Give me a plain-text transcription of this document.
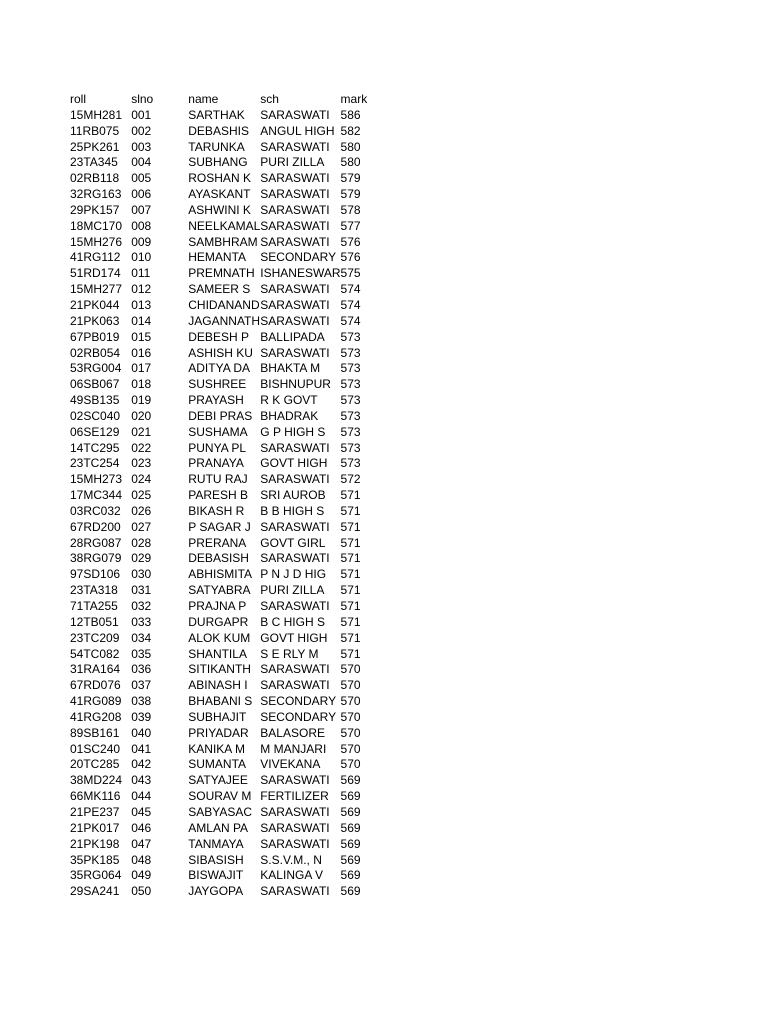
roll	slno	name	sch	mark
15MH281	001	SARTHAK	SARASWATI	586
11RB075	002	DEBASHIS	ANGUL HIGH	582
25PK261	003	TARUNKA	SARASWATI	580
23TA345	004	SUBHANG	PURI ZILLA	580
02RB118	005	ROSHAN K	SARASWATI	579
32RG163	006	AYASKANT	SARASWATI	579
29PK157	007	ASHWINI K	SARASWATI	578
18MC170	008	NEELKAMAL	SARASWATI	577
15MH276	009	SAMBHRAM	SARASWATI	576
41RG112	010	HEMANTA	SECONDARY	576
51RD174	011	PREMNATH	ISHANESWAR	575
15MH277	012	SAMEER S	SARASWATI	574
21PK044	013	CHIDANAND	SARASWATI	574
21PK063	014	JAGANNATH	SARASWATI	574
67PB019	015	DEBESH P	BALLIPADA	573
02RB054	016	ASHISH KU	SARASWATI	573
53RG004	017	ADITYA DA	BHAKTA M	573
06SB067	018	SUSHREE	BISHNUPUR	573
49SB135	019	PRAYASH	R K GOVT	573
02SC040	020	DEBI PRAS	BHADRAK	573
06SE129	021	SUSHAMA	G P HIGH S	573
14TC295	022	PUNYA PL	SARASWATI	573
23TC254	023	PRANAYA	GOVT HIGH	573
15MH273	024	RUTU RAJ	SARASWATI	572
17MC344	025	PARESH B	SRI AUROB	571
03RC032	026	BIKASH R	B B HIGH S	571
67RD200	027	P SAGAR J	SARASWATI	571
28RG087	028	PRERANA	GOVT GIRL	571
38RG079	029	DEBASISH	SARASWATI	571
97SD106	030	ABHISMITA	P N J D HIG	571
23TA318	031	SATYABRA	PURI ZILLA	571
71TA255	032	PRAJNA P	SARASWATI	571
12TB051	033	DURGAPR	B C HIGH S	571
23TC209	034	ALOK KUM	GOVT HIGH	571
54TC082	035	SHANTILA	S E RLY M	571
31RA164	036	SITIKANTH	SARASWATI	570
67RD076	037	ABINASH I	SARASWATI	570
41RG089	038	BHABANI S	SECONDARY	570
41RG208	039	SUBHAJIT	SECONDARY	570
89SB161	040	PRIYADAR	BALASORE	570
01SC240	041	KANIKA M	M MANJARI	570
20TC285	042	SUMANTA	VIVEKANA	570
38MD224	043	SATYAJEE	SARASWATI	569
66MK116	044	SOURAV M	FERTILIZER	569
21PE237	045	SABYASAC	SARASWATI	569
21PK017	046	AMLAN PA	SARASWATI	569
21PK198	047	TANMAYA	SARASWATI	569
35PK185	048	SIBASISH	S.S.V.M., N	569
35RG064	049	BISWAJIT	KALINGA V	569
29SA241	050	JAYGOPA	SARASWATI	569
